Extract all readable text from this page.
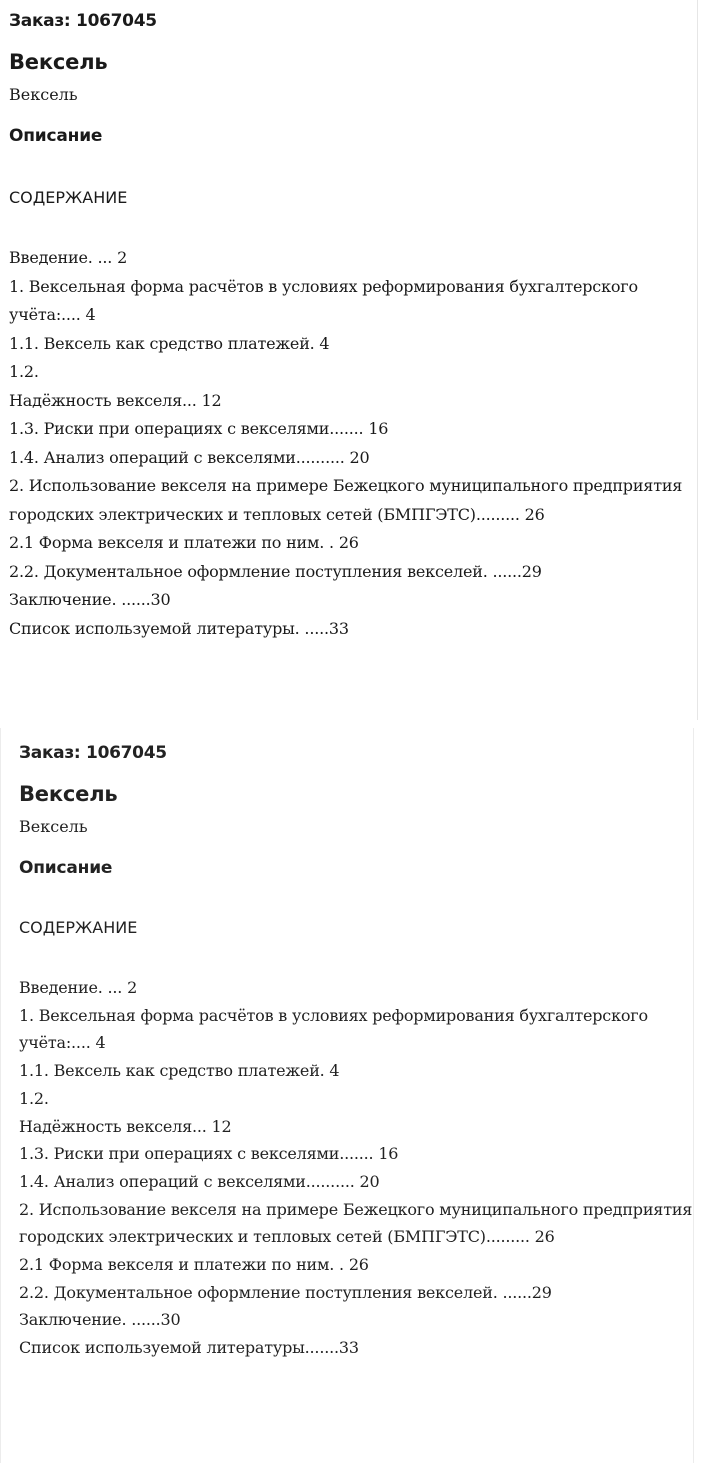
Заказ: 1067045
Вексель
Вексель
Описание
СОДЕРЖАНИЕ
Введение. ... 2
1. Вексельная форма расчётов в условиях реформирования бухгалтерского учёта:.... 4
1.1. Вексель как средство платежей. 4
1.2.
Надёжность векселя... 12
1.3. Риски при операциях с векселями....... 16
1.4. Анализ операций с векселями.......... 20
2. Использование векселя на примере Бежецкого муниципального предприятия городских электрических и тепловых сетей (БМПГЭТС)......... 26
2.1 Форма векселя и платежи по ним. . 26
2.2. Документальное оформление поступления векселей. ......29
Заключение. ......30
Список используемой литературы. .....33
Заказ: 1067045
Вексель
Вексель
Описание
СОДЕРЖАНИЕ
Введение. ... 2
1. Вексельная форма расчётов в условиях реформирования бухгалтерского учёта:.... 4
1.1. Вексель как средство платежей. 4
1.2.
Надёжность векселя... 12
1.3. Риски при операциях с векселями....... 16
1.4. Анализ операций с векселями.......... 20
2. Использование векселя на примере Бежецкого муниципального предприятия городских электрических и тепловых сетей (БМПГЭТС)......... 26
2.1 Форма векселя и платежи по ним. . 26
2.2. Документальное оформление поступления векселей. ......29
Заключение. ......30
Список используемой литературы.......33
